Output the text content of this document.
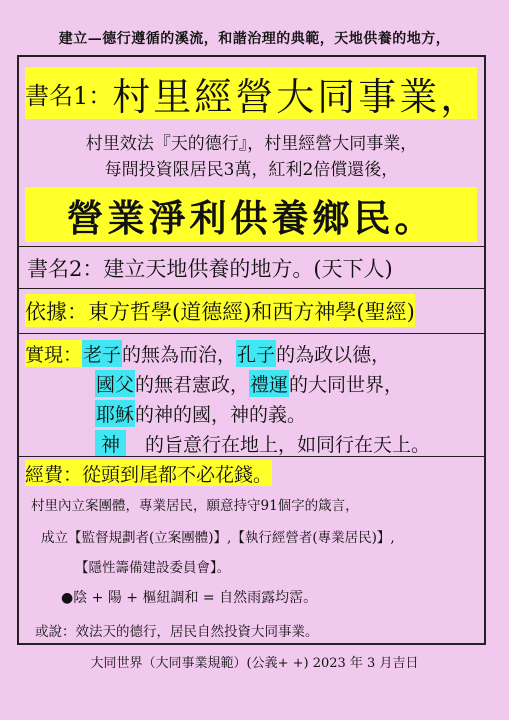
建立—德行遵循的溪流，和諧治理的典範，天地供養的地方，
書名1： 村里經營大同事業，
村里效法『天的德行』，村里經營大同事業，
每間投資限居民3萬，紅利2倍償還後，
營業淨利供養鄉民。
書名2：建立天地供養的地方。(天下人)
依據： 東方哲學(道德經)和西方神學(聖經)
實現： 老子 的無為而治， 孔子 的為政以德，
國父 的無君憲政， 禮運 的大同世界，
耶穌 的神的國，神的義。
神 　的旨意行在地上，如同行在天上。
經費： 從頭到尾都不必花錢。
村里內立案團體，專業居民，願意持守91個字的箴言，
成立【監督規劃者(立案團體)】,【執行經營者(專業居民)】,
【隱性籌備建設委員會】。
●陰 + 陽 + 樞紐調和 = 自然雨露均霑。
或說：效法天的德行，居民自然投資大同事業。
大同世界（大同事業規範）(公義+ +) 2023 年 3 月吉日
